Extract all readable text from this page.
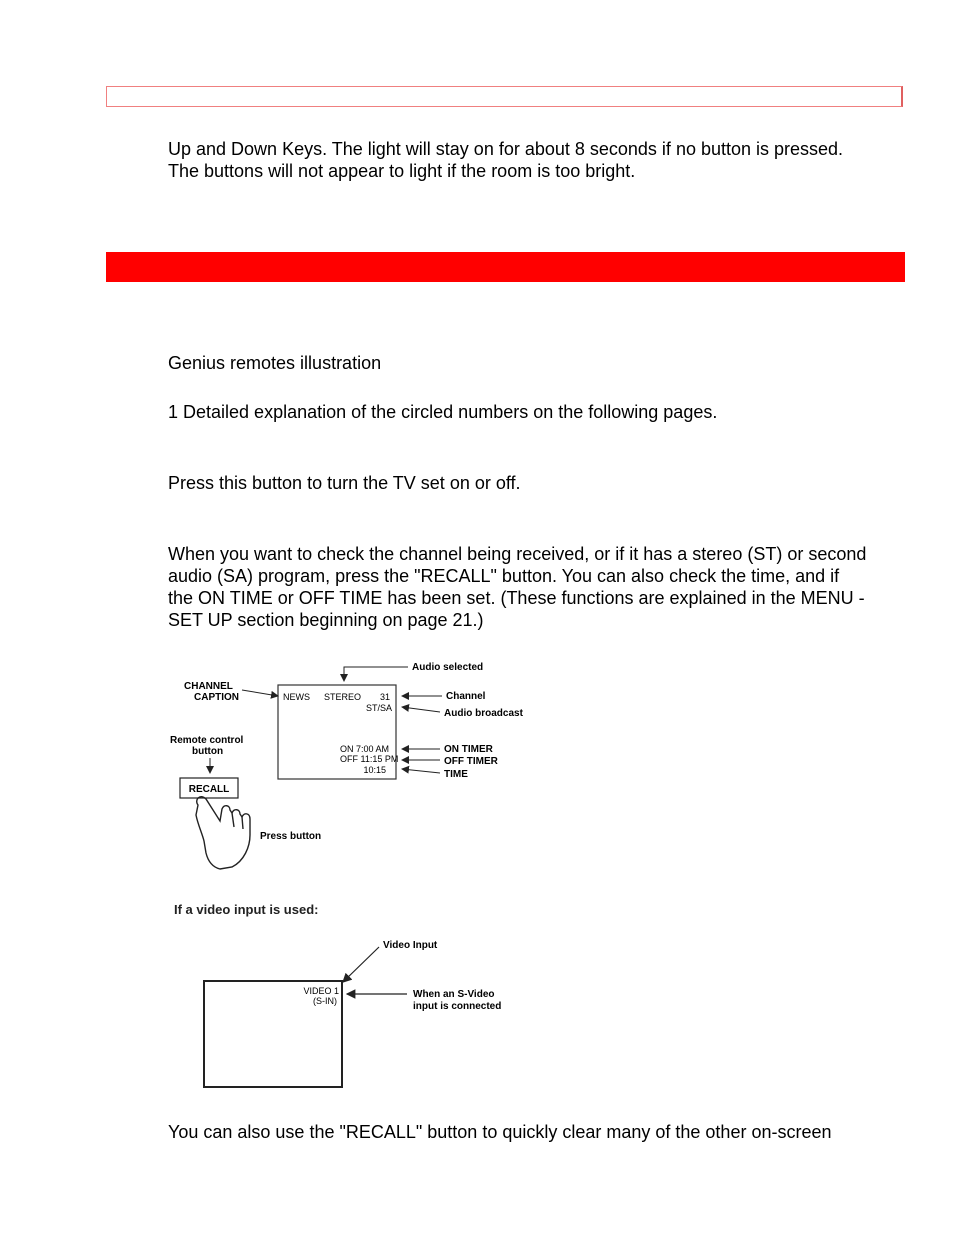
Up and Down Keys. The light will stay on for about 8 seconds if no button is pressed.
The buttons will not appear to light if the room is too bright.
Genius remotes illustration
1 Detailed explanation of the circled numbers on the following pages.
Press this button to turn the TV set on or off.
When you want to check the channel being received, or if it has a stereo (ST) or second
audio (SA) program, press the "RECALL" button. You can also check the time, and if
the ON TIME or OFF TIME has been set. (These functions are explained in the MENU -
SET UP section beginning on page 21.)
CHANNEL
CAPTION
Audio selected
NEWS STEREO 31
ST/SA
Channel
Audio broadcast
ON 7:00 AM
OFF 11:15 PM
10:15
ON TIMER
OFF TIMER
TIME
Remote control
button
RECALL
Press button
If a video input is used:
Video Input
VIDEO 1
(S-IN)
When an S-Video
input is connected
You can also use the "RECALL" button to quickly clear many of the other on-screen
